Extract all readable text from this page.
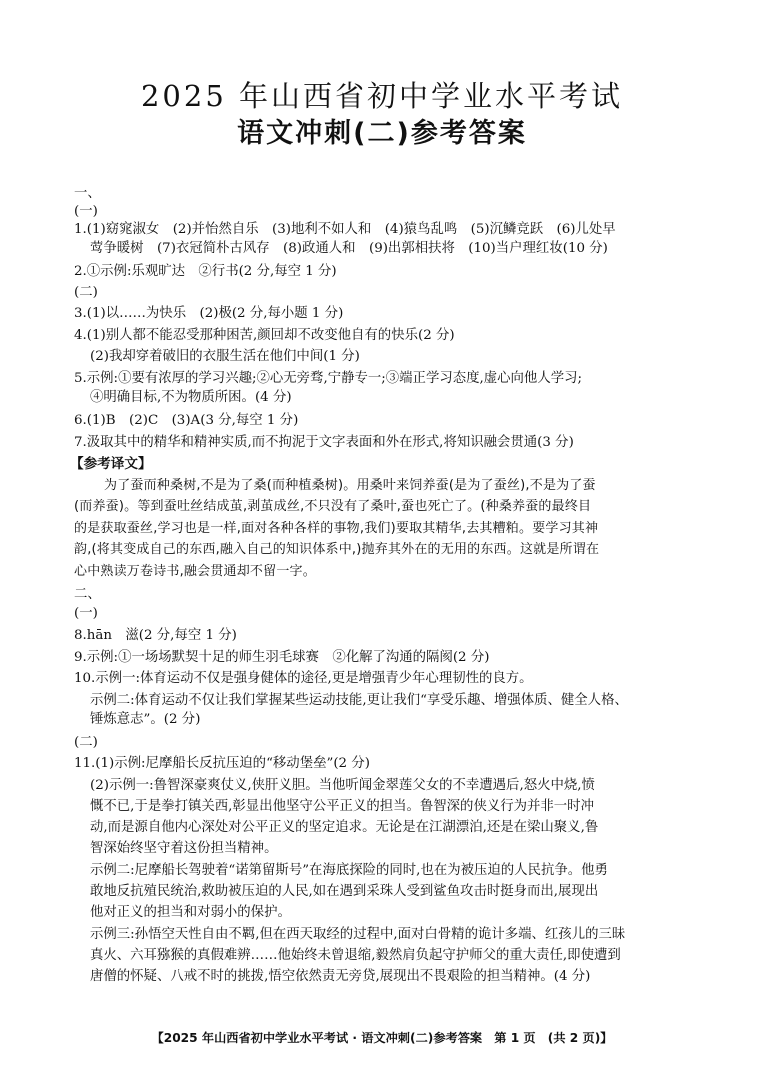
2025 年山西省初中学业水平考试
语文冲刺(二)参考答案
一、
(一)
1.(1)窈窕淑女　(2)并怡然自乐　(3)地利不如人和　(4)猿鸟乱鸣　(5)沉鳞竞跃　(6)儿处早
莺争暖树　(7)衣冠简朴古风存　(8)政通人和　(9)出郭相扶将　(10)当户理红妆(10 分)
2.①示例:乐观旷达　②行书(2 分,每空 1 分)
(二)
3.(1)以……为快乐　(2)极(2 分,每小题 1 分)
4.(1)别人都不能忍受那种困苦,颜回却不改变他自有的快乐(2 分)
(2)我却穿着破旧的衣服生活在他们中间(1 分)
5.示例:①要有浓厚的学习兴趣;②心无旁骛,宁静专一;③端正学习态度,虚心向他人学习;
④明确目标,不为物质所困。(4 分)
6.(1)B　(2)C　(3)A(3 分,每空 1 分)
7.汲取其中的精华和精神实质,而不拘泥于文字表面和外在形式,将知识融会贯通(3 分)
【参考译文】
为了蚕而种桑树,不是为了桑(而种植桑树)。用桑叶来饲养蚕(是为了蚕丝),不是为了蚕
(而养蚕)。等到蚕吐丝结成茧,剥茧成丝,不只没有了桑叶,蚕也死亡了。(种桑养蚕的最终目
的是获取蚕丝,学习也是一样,面对各种各样的事物,我们)要取其精华,去其糟粕。要学习其神
韵,(将其变成自己的东西,融入自己的知识体系中,)抛弃其外在的无用的东西。这就是所谓在
心中熟读万卷诗书,融会贯通却不留一字。
二、
(一)
8.hān　滋(2 分,每空 1 分)
9.示例:①一场场默契十足的师生羽毛球赛　②化解了沟通的隔阂(2 分)
10.示例一:体育运动不仅是强身健体的途径,更是增强青少年心理韧性的良方。
示例二:体育运动不仅让我们掌握某些运动技能,更让我们“享受乐趣、增强体质、健全人格、
锤炼意志”。(2 分)
(二)
11.(1)示例:尼摩船长反抗压迫的“移动堡垒”(2 分)
(2)示例一:鲁智深豪爽仗义,侠肝义胆。当他听闻金翠莲父女的不幸遭遇后,怒火中烧,愤
慨不已,于是拳打镇关西,彰显出他坚守公平正义的担当。鲁智深的侠义行为并非一时冲
动,而是源自他内心深处对公平正义的坚定追求。无论是在江湖漂泊,还是在梁山聚义,鲁
智深始终坚守着这份担当精神。
示例二:尼摩船长驾驶着“诺第留斯号”在海底探险的同时,也在为被压迫的人民抗争。他勇
敢地反抗殖民统治,救助被压迫的人民,如在遇到采珠人受到鲨鱼攻击时挺身而出,展现出
他对正义的担当和对弱小的保护。
示例三:孙悟空天性自由不羁,但在西天取经的过程中,面对白骨精的诡计多端、红孩儿的三昧
真火、六耳猕猴的真假难辨……他始终未曾退缩,毅然肩负起守护师父的重大责任,即使遭到
唐僧的怀疑、八戒不时的挑拨,悟空依然责无旁贷,展现出不畏艰险的担当精神。(4 分)
【2025 年山西省初中学业水平考试 · 语文冲刺(二)参考答案　第 1 页　(共 2 页)】
